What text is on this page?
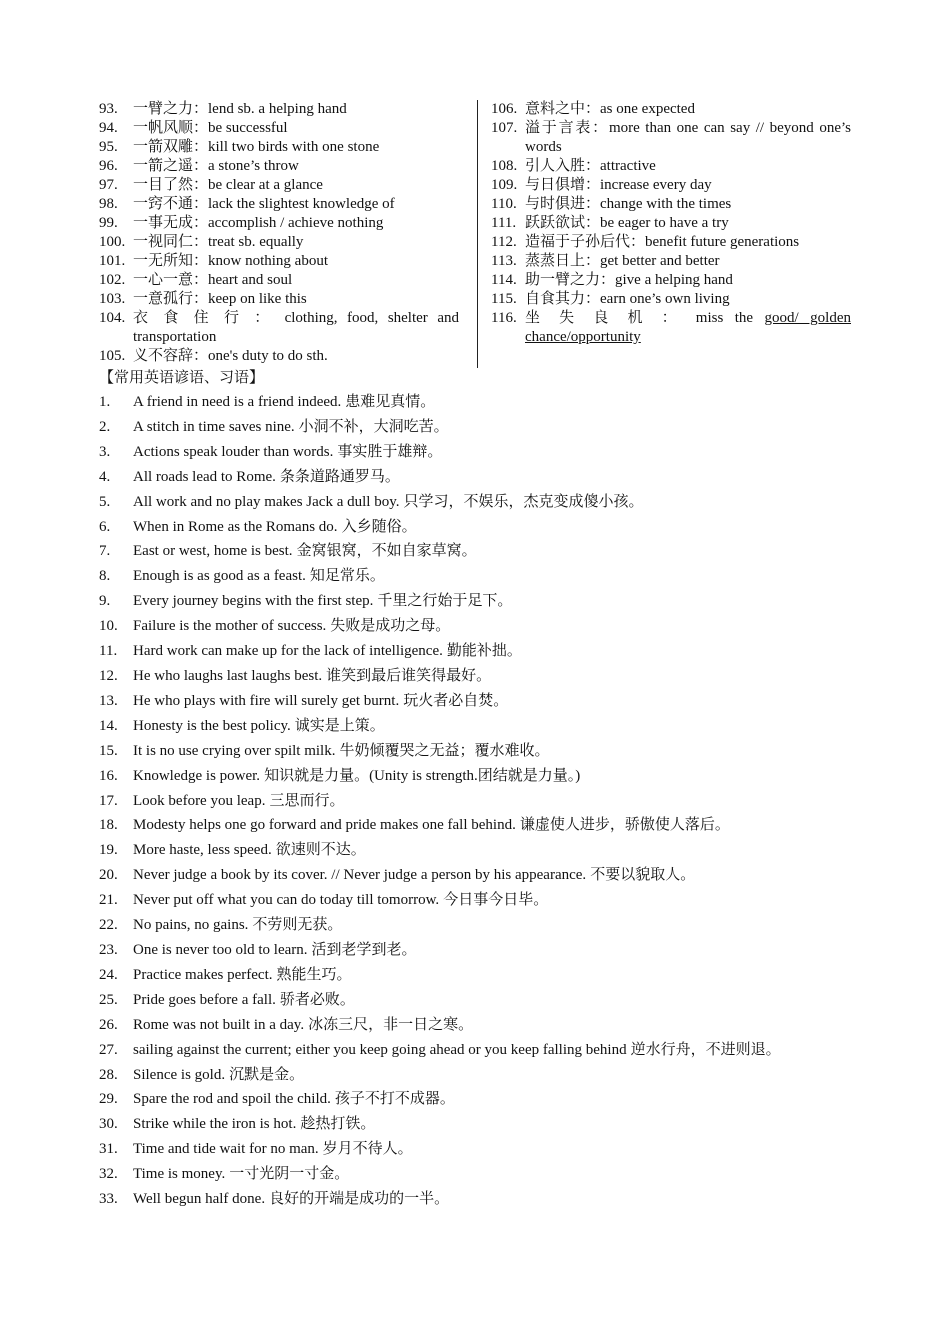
93.	一臂之力：lend sb. a helping hand
94.	一帆风顺：be successful
95.	一箭双雕：kill two birds with one stone
96.	一箭之遥：a stone’s throw
97.	一目了然：be clear at a glance
98.	一窍不通：lack the slightest knowledge of
99.	一事无成：accomplish / achieve nothing
100. 一视同仁：treat sb. equally
101. 一无所知：know nothing about
102. 一心一意：heart and soul
103. 一意孤行：keep on like this
104. 衣 食 住 行 ： clothing, food, shelter and transportation
105. 义不容辞：one's duty to do sth.
106. 意料之中：as one expected
107. 溢于言表：more than one can say // beyond one’s words
108. 引人入胜：attractive
109. 与日俱增：increase every day
110. 与时俱进：change with the times
111. 跃跃欲试：be eager to have a try
112. 造福于子孙后代：benefit future generations
113. 蒸蒸日上：get better and better
114. 助一臂之力：give a helping hand
115. 自食其力：earn one’s own living
116. 坐 失 良 机 ： miss the good/ golden chance/opportunity
【常用英语谚语、习语】
1.	A friend in need is a friend indeed. 患难见真情。
2.	A stitch in time saves nine. 小洞不补，大洞吃苦。
3.	Actions speak louder than words. 事实胜于雄辩。
4.	All roads lead to Rome. 条条道路通罗马。
5.	All work and no play makes Jack a dull boy. 只学习，不娱乐，杰克变成傻小孩。
6.	When in Rome as the Romans do. 入乡随俗。
7.	East or west, home is best. 金窝银窝，不如自家草窝。
8.	Enough is as good as a feast. 知足常乐。
9.	Every journey begins with the first step. 千里之行始于足下。
10.	Failure is the mother of success. 失败是成功之母。
11.	Hard work can make up for the lack of intelligence. 勤能补拙。
12.	He who laughs last laughs best. 谁笑到最后谁笑得最好。
13.	He who plays with fire will surely get burnt. 玩火者必自焚。
14.	Honesty is the best policy. 诚实是上策。
15.	It is no use crying over spilt milk. 牛奶倾覆哭之无益；覆水难收。
16.	Knowledge is power. 知识就是力量。(Unity is strength.团结就是力量。)
17.	Look before you leap. 三思而行。
18.	Modesty helps one go forward and pride makes one fall behind. 谦虚使人进步，骄傲使人落后。
19.	More haste, less speed. 欲速则不达。
20.	Never judge a book by its cover. // Never judge a person by his appearance. 不要以貌取人。
21.	Never put off what you can do today till tomorrow. 今日事今日毕。
22.	No pains, no gains. 不劳则无获。
23.	One is never too old to learn. 活到老学到老。
24.	Practice makes perfect. 熟能生巧。
25.	Pride goes before a fall. 骄者必败。
26.	Rome was not built in a day. 冰冻三尺，非一日之寒。
27.	sailing against the current; either you keep going ahead or you keep falling behind 逆水行舟，不进则退。
28.	Silence is gold. 沉默是金。
29.	Spare the rod and spoil the child. 孩子不打不成器。
30.	Strike while the iron is hot. 趁热打铁。
31.	Time and tide wait for no man. 岁月不待人。
32.	Time is money. 一寸光阴一寸金。
33.	Well begun half done. 良好的开端是成功的一半。
